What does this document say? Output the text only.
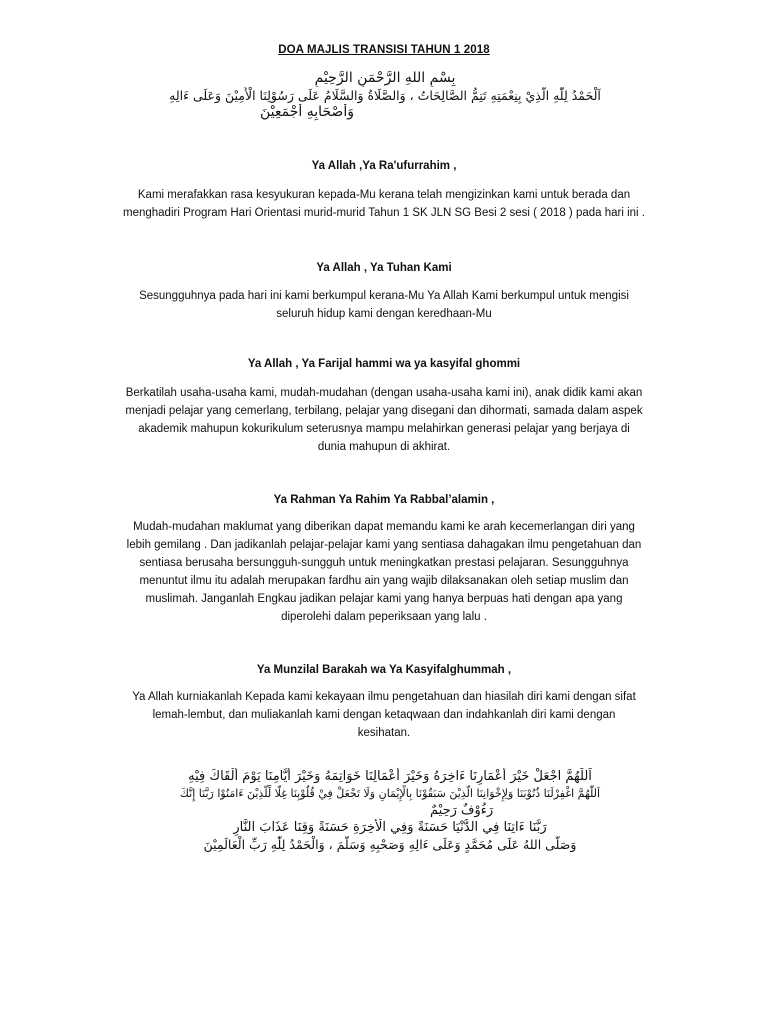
DOA MAJLIS TRANSISI TAHUN 1 2018
بِسْمِ اللهِ الرَّحْمَنِ الرَّحِيْمِ
اَلْحَمْدُ لِلّٰهِ الَّذِيْ بِنِعْمَتِهِ تَتِمُّ الصَّالِحَاتُ ، وَالصَّلَاةُ وَالسَّلَامُ عَلَى رَسُوْلِنَا الْأَمِيْنَ وَعَلَى ءَالِهِ
وَأَصْحَابِهِ أَجْمَعِيْنَ
Ya Allah ,Ya Ra'ufurrahim ,
Kami merafakkan rasa kesyukuran kepada-Mu kerana telah mengizinkan kami untuk berada dan
menghadiri Program Hari Orientasi murid-murid Tahun 1 SK JLN SG Besi 2 sesi ( 2018 ) pada hari ini .
Ya Allah , Ya Tuhan Kami
Sesungguhnya pada hari ini kami berkumpul kerana-Mu Ya Allah Kami berkumpul untuk mengisi
seluruh hidup kami dengan keredhaan-Mu
Ya Allah , Ya Farijal hammi wa ya kasyifal ghommi
Berkatilah usaha-usaha kami, mudah-mudahan (dengan usaha-usaha kami ini), anak didik kami akan
menjadi pelajar yang cemerlang, terbilang, pelajar yang disegani dan dihormati, samada dalam aspek
akademik mahupun kokurikulum seterusnya mampu melahirkan generasi pelajar yang berjaya di
dunia mahupun di akhirat.
Ya Rahman Ya Rahim Ya Rabbal’alamin ,
Mudah-mudahan maklumat yang diberikan dapat memandu kami ke arah kecemerlangan diri yang
lebih gemilang . Dan jadikanlah pelajar-pelajar kami yang sentiasa dahagakan ilmu pengetahuan dan
sentiasa berusaha bersungguh-sungguh untuk meningkatkan prestasi pelajaran. Sesungguhnya
menuntut ilmu itu adalah merupakan fardhu ain yang wajib dilaksanakan oleh setiap muslim dan
muslimah. Janganlah Engkau jadikan pelajar kami yang hanya berpuas hati dengan apa yang
diperolehi dalam peperiksaan yang lalu .
Ya Munzilal Barakah wa Ya Kasyifalghummah ,
Ya Allah kurniakanlah Kepada kami kekayaan ilmu pengetahuan dan hiasilah diri kami dengan sifat
lemah-lembut, dan muliakanlah kami dengan ketaqwaan dan indahkanlah diri kami dengan
kesihatan.
اَللّٰهُمَّ اجْعَلْ خَيْرَ أَعْمَارِنَا ءَاخِرَهُ وَخَيْرَ أَعْمَالِنَا خَوَاتِمَهُ وَخَيْرَ أَيَّامِنَا يَوْمَ أَلْقَاكَ فِيْهِ
اَللّٰهُمَّ اغْفِرْلَنَا ذُنُوْبَنَا وَلِإِخْوَانِنَا الَّذِيْنَ سَبَقُوْنَا بِالْإِيْمَانِ وَلَا تَجْعَلْ فِيْ قُلُوْبِنَا غِلًّا لِّلَّذِيْنَ ءَامَنُوْا رَبَّنَا إِنَّكَ
رَءُوْفٌ رَحِيْمٌ
رَبَّنَا ءَاتِنَا فِي الدُّنْيَا حَسَنَةً وَفِي الْأَخِرَةِ حَسَنَةً وَقِنَا عَذَابَ النَّارِ
وَصَلَّى اللهُ عَلَى مُحَمَّدٍ وَعَلَى ءَالِهِ وَصَحْبِهِ وَسَلَّمَ ، وَالْحَمْدُ لِلّٰهِ رَبِّ الْعَالَمِيْنَ
